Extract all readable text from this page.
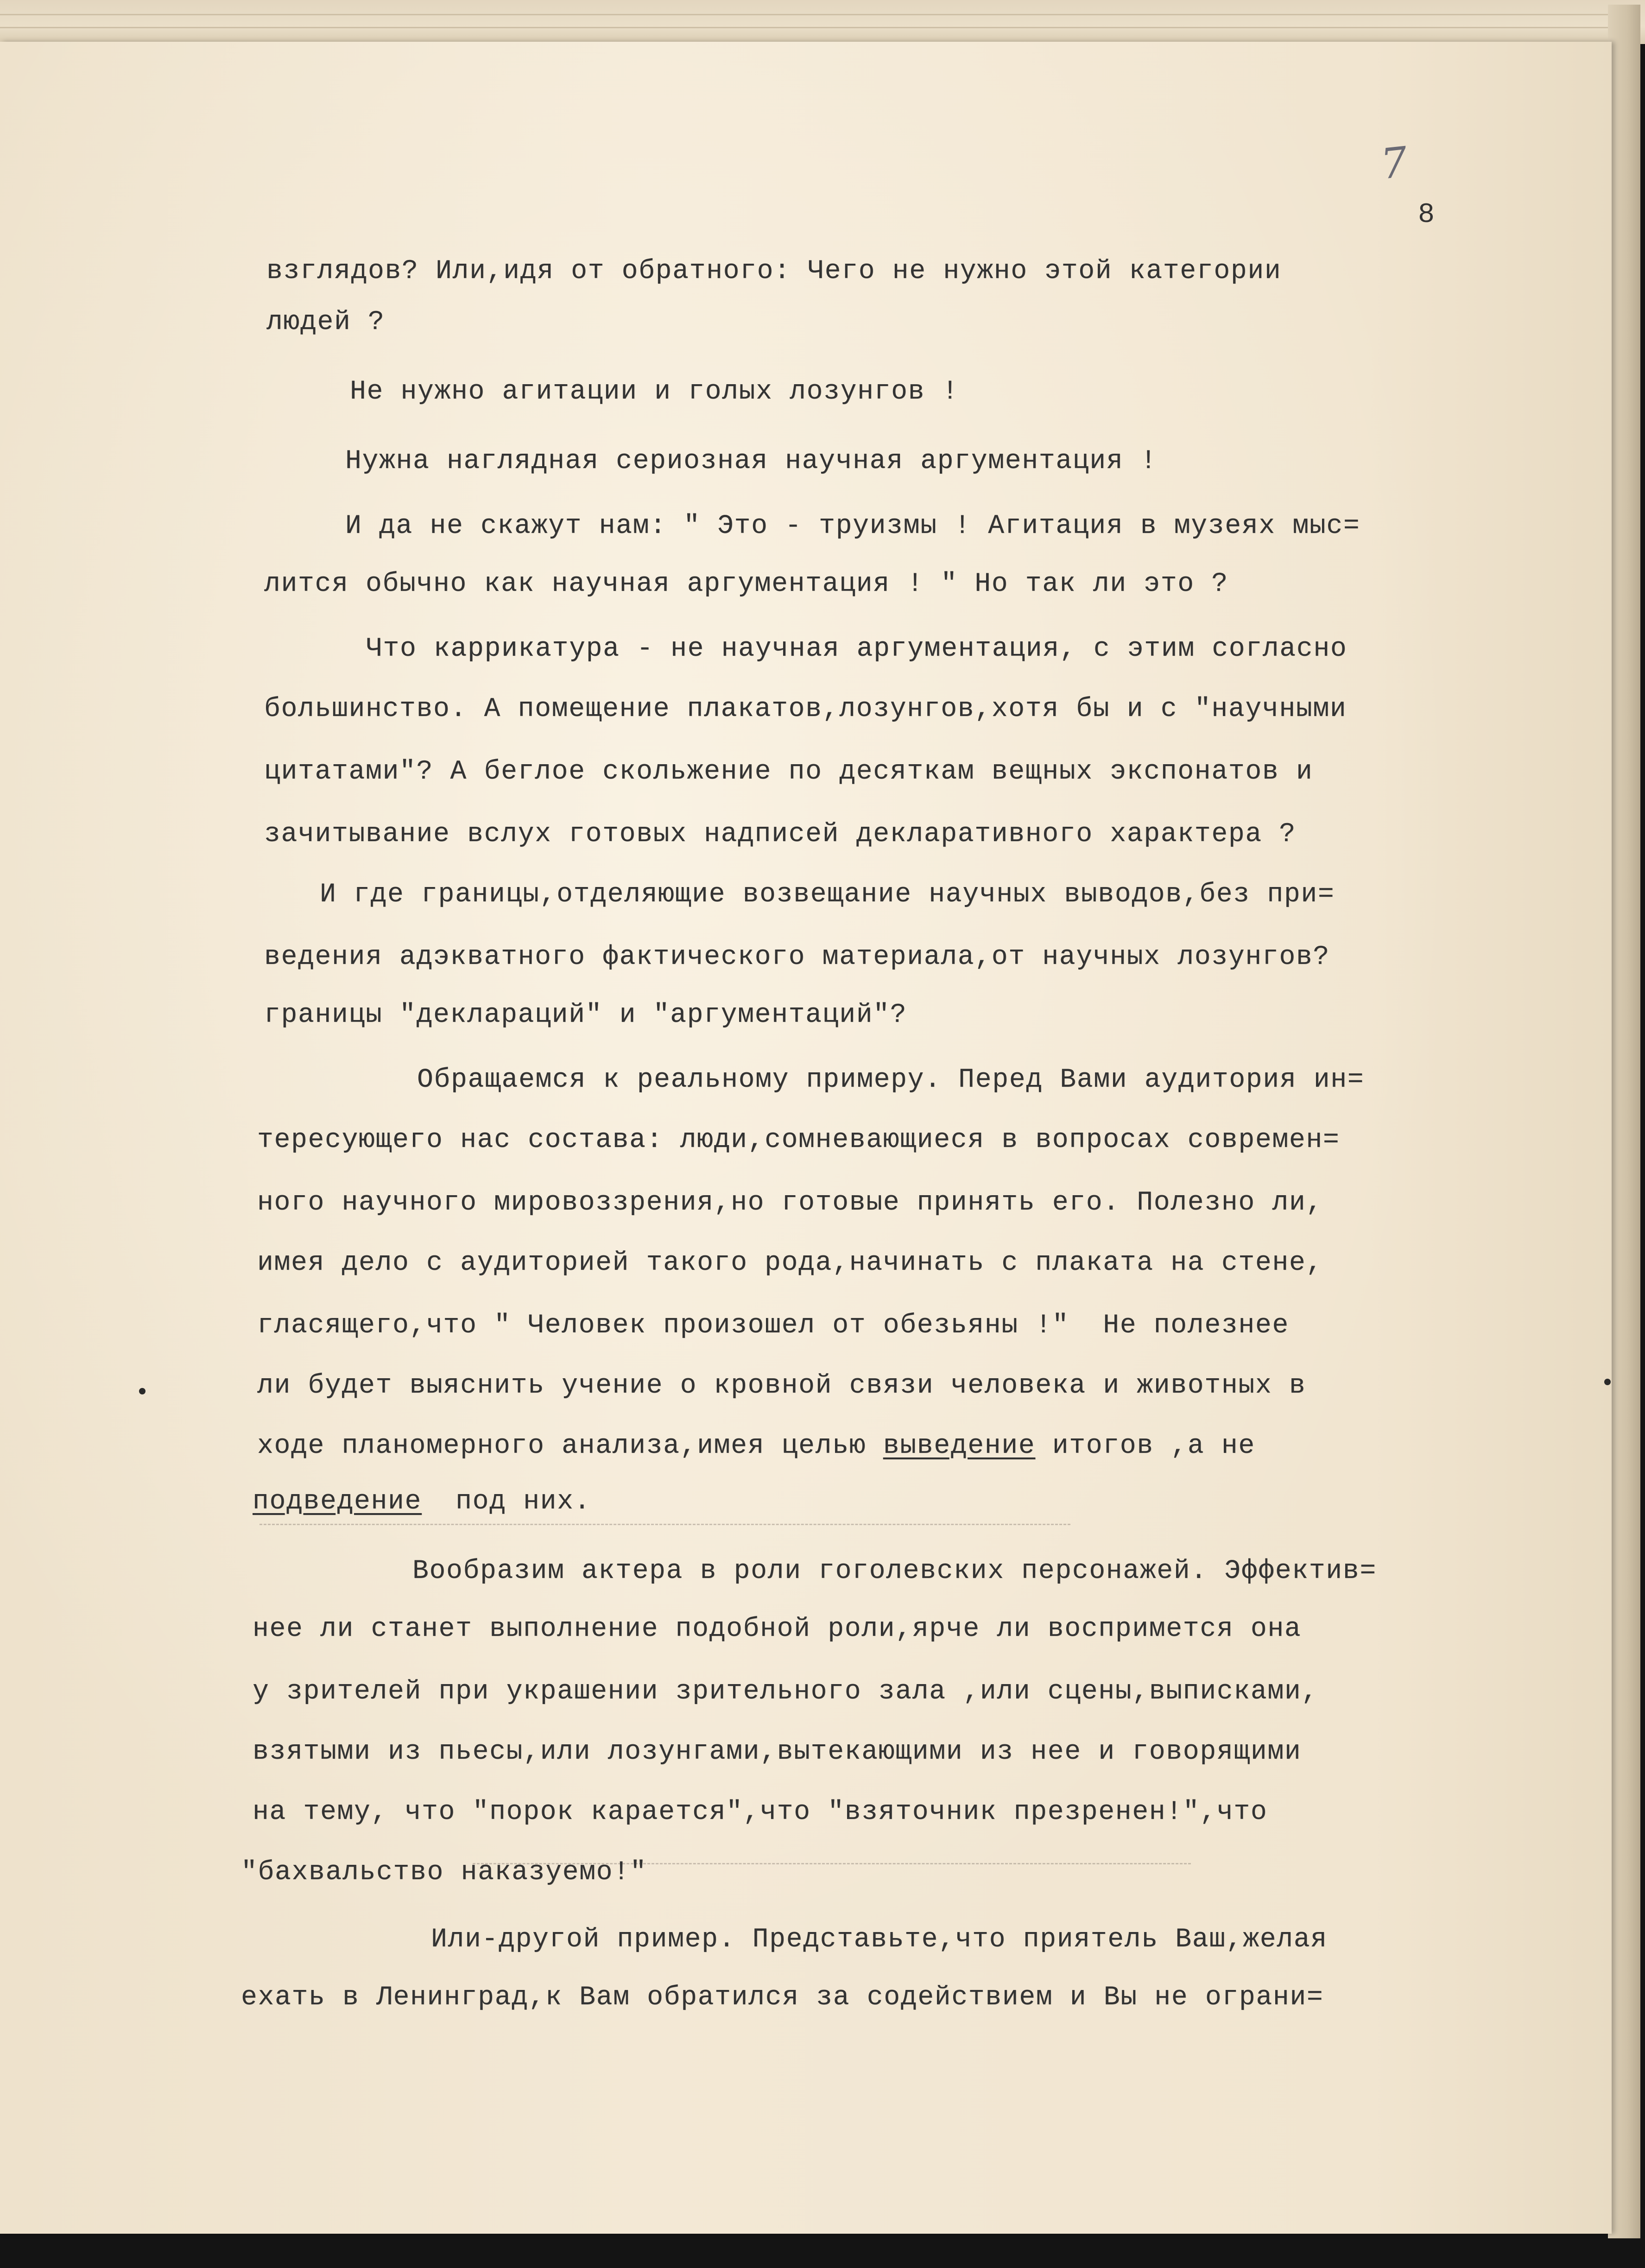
7
8

взглядов? Или,идя от обратного: Чего не нужно этой категории

людей ?

Не нужно агитации и голых лозунгов !

Нужна наглядная сериозная научная аргументация !

И да не скажут нам: " Это - труизмы ! Агитация в музеях мыс=

лится обычно как научная аргументация ! " Но так ли это ?

Что каррикатура - не научная аргументация, с этим согласно

большинство. А помещение плакатов,лозунгов,хотя бы и с "научными

цитатами"? А беглое скольжение по десяткам вещных экспонатов и

зачитывание вслух готовых надписей декларативного характера ?

И где границы,отделяющие возвещание научных выводов,без при=

ведения адэкватного фактического материала,от научных лозунгов?

границы "деклараций" и "аргументаций"?

Обращаемся к реальному примеру. Перед Вами аудитория ин=

тересующего нас состава: люди,сомневающиеся в вопросах современ=

ного научного мировоззрения,но готовые принять его. Полезно ли,

имея дело с аудиторией такого рода,начинать с плаката на стене,

гласящего,что " Человек произошел от обезьяны !"  Не полезнее

ли будет выяснить учение о кровной связи человека и животных в

ходе планомерного анализа,имея целью выведение итогов ,а не

подведение  под них.

Вообразим актера в роли гоголевских персонажей. Эффектив=

нее ли станет выполнение подобной роли,ярче ли воспримется она

у зрителей при украшении зрительного зала ,или сцены,выписками,

взятыми из пьесы,или лозунгами,вытекающими из нее и говорящими

на тему, что "порок карается",что "взяточник презренен!",что

"бахвальство наказуемо!"

Или-другой пример. Представьте,что приятель Ваш,желая

ехать в Ленинград,к Вам обратился за содействием и Вы не ограни=
